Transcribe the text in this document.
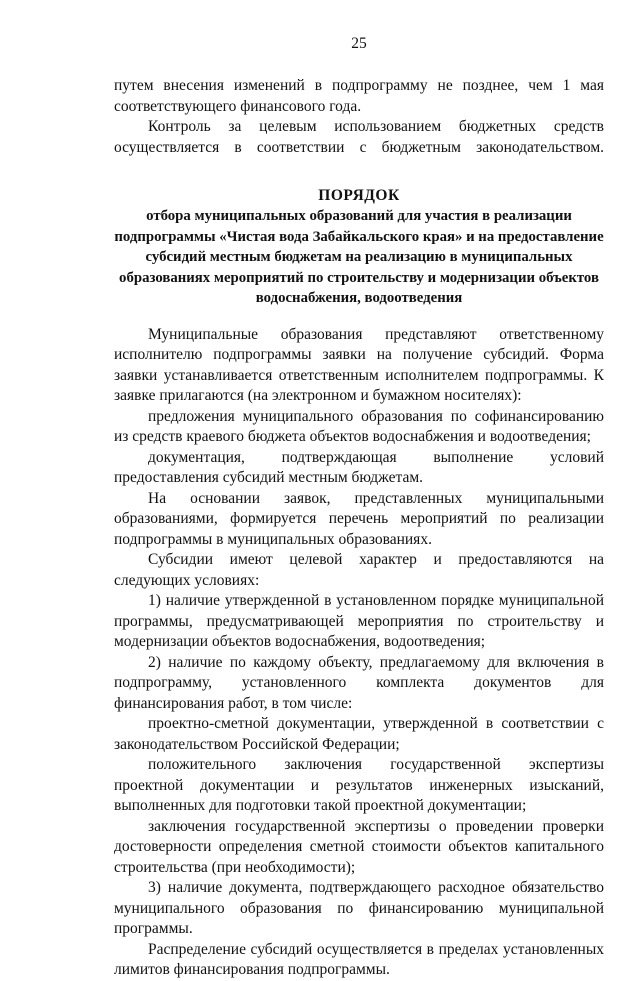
25

путем внесения изменений в подпрограмму не позднее, чем 1 мая соответствующего финансового года.

Контроль за целевым использованием бюджетных средств осуществляется в соответствии с бюджетным законодательством.

ПОРЯДОК
отбора муниципальных образований для участия в реализации подпрограммы «Чистая вода Забайкальского края» и на предоставление субсидий местным бюджетам на реализацию в муниципальных образованиях мероприятий по строительству и модернизации объектов водоснабжения, водоотведения

Муниципальные образования представляют ответственному исполнителю подпрограммы заявки на получение субсидий. Форма заявки устанавливается ответственным исполнителем подпрограммы. К заявке прилагаются (на электронном и бумажном носителях):

предложения муниципального образования по софинансированию из средств краевого бюджета объектов водоснабжения и водоотведения;

документация, подтверждающая выполнение условий предоставления субсидий местным бюджетам.

На основании заявок, представленных муниципальными образованиями, формируется перечень мероприятий по реализации подпрограммы в муниципальных образованиях.

Субсидии имеют целевой характер и предоставляются на следующих условиях:

1) наличие утвержденной в установленном порядке муниципальной программы, предусматривающей мероприятия по строительству и модернизации объектов водоснабжения, водоотведения;

2) наличие по каждому объекту, предлагаемому для включения в подпрограмму, установленного комплекта документов для финансирования работ, в том числе:

проектно-сметной документации, утвержденной в соответствии с законодательством Российской Федерации;

положительного заключения государственной экспертизы проектной документации и результатов инженерных изысканий, выполненных для подготовки такой проектной документации;

заключения государственной экспертизы о проведении проверки достоверности определения сметной стоимости объектов капитального строительства (при необходимости);

3) наличие документа, подтверждающего расходное обязательство муниципального образования по финансированию муниципальной программы.

Распределение субсидий осуществляется в пределах установленных лимитов финансирования подпрограммы.
